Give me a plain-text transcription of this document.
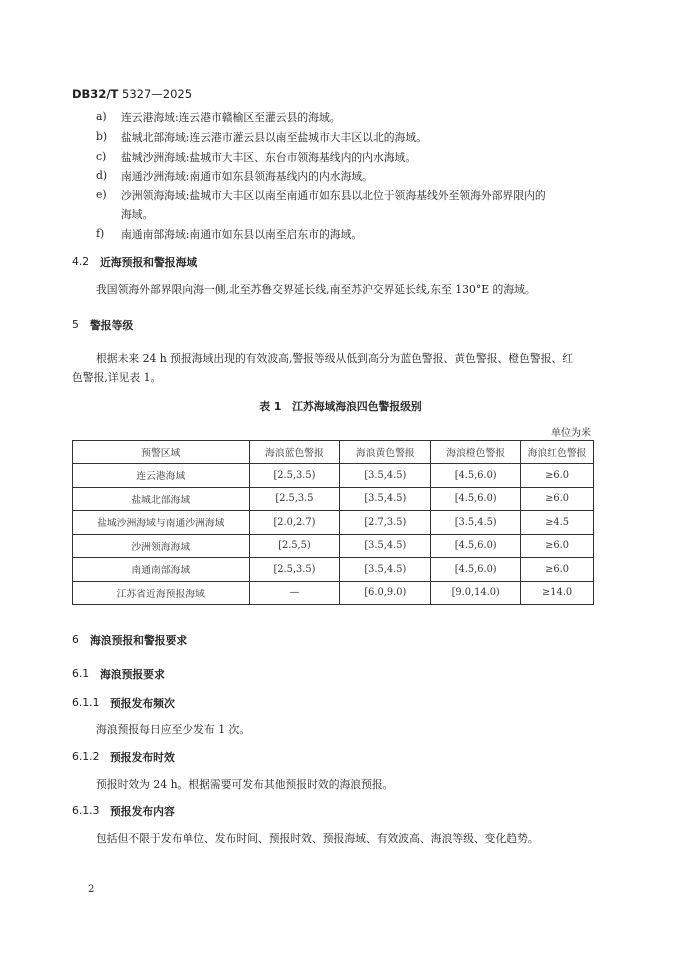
DB32/T 5327—2025
a) 连云港海域:连云港市赣榆区至灌云县的海域。
b) 盐城北部海域:连云港市灌云县以南至盐城市大丰区以北的海域。
c) 盐城沙洲海域:盐城市大丰区、东台市领海基线内的内水海域。
d) 南通沙洲海域:南通市如东县领海基线内的内水海域。
e) 沙洲领海海域:盐城市大丰区以南至南通市如东县以北位于领海基线外至领海外部界限内的
海域。
f) 南通南部海域:南通市如东县以南至启东市的海域。
4.2 近海预报和警报海域
我国领海外部界限向海一侧,北至苏鲁交界延长线,南至苏沪交界延长线,东至 130°E 的海域。
5 警报等级
根据未来 24 h 预报海域出现的有效波高,警报等级从低到高分为蓝色警报、黄色警报、橙色警报、红
色警报,详见表 1。
表 1　江苏海域海浪四色警报级别
单位为米
预警区域	海浪蓝色警报	海浪黄色警报	海浪橙色警报	海浪红色警报
连云港海域	[2.5,3.5)	[3.5,4.5)	[4.5,6.0)	≥6.0
盐城北部海域	[2.5,3.5	[3.5,4.5)	[4.5,6.0)	≥6.0
盐城沙洲海域与南通沙洲海域	[2.0,2.7)	[2.7,3.5)	[3.5,4.5)	≥4.5
沙洲领海海域	[2.5,5)	[3.5,4.5)	[4.5,6.0)	≥6.0
南通南部海域	[2.5,3.5)	[3.5,4.5)	[4.5,6.0)	≥6.0
江苏省近海预报海域	—	[6.0,9.0)	[9.0,14.0)	≥14.0
6 海浪预报和警报要求
6.1 海浪预报要求
6.1.1 预报发布频次
海浪预报每日应至少发布 1 次。
6.1.2 预报发布时效
预报时效为 24 h。根据需要可发布其他预报时效的海浪预报。
6.1.3 预报发布内容
包括但不限于发布单位、发布时间、预报时效、预报海域、有效波高、海浪等级、变化趋势。
2
